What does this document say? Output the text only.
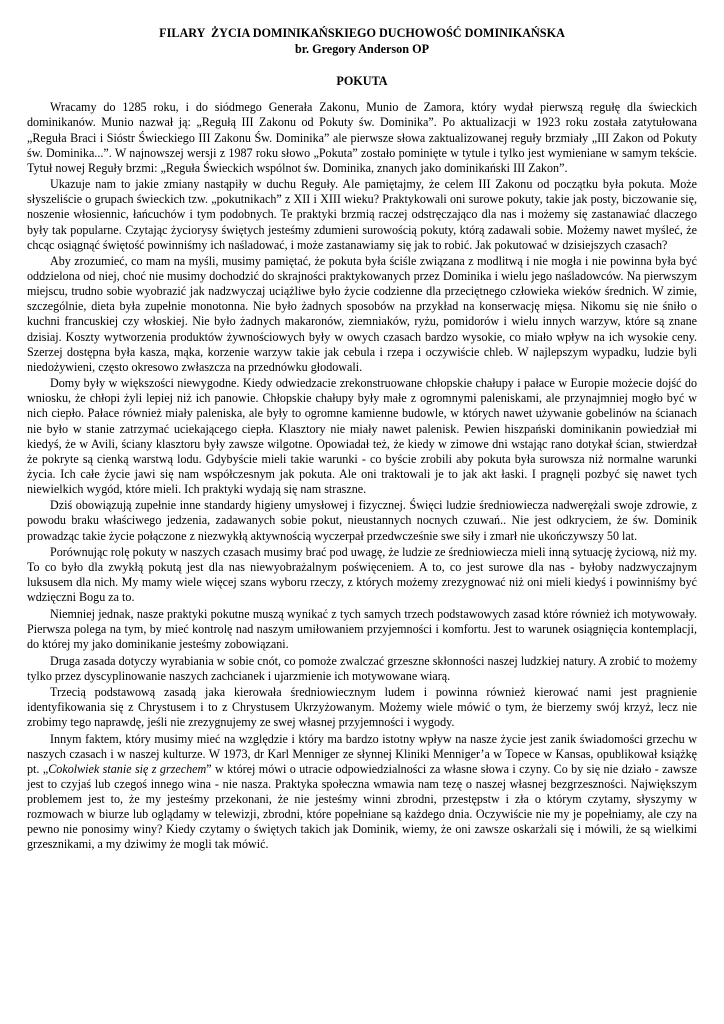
FILARY  ŻYCIA DOMINIKAŃSKIEGO DUCHOWOŚĆ DOMINIKAŃSKA
br. Gregory Anderson OP
POKUTA

Wracamy do 1285 roku, i do siódmego Generała Zakonu, Munio de Zamora, który wydał pierwszą regułę dla świeckich dominikanów. Munio nazwał ją: „Regułą III Zakonu od Pokuty św. Dominika”. Po aktualizacji w 1923 roku została zatytułowana „Reguła Braci i Sióstr Świeckiego III Zakonu Św. Dominika” ale pierwsze słowa zaktualizowanej reguły brzmiały „III Zakon od Pokuty św. Dominika...”. W najnowszej wersji z 1987 roku słowo „Pokuta” zostało pominięte w tytule i tylko jest wymieniane w samym tekście. Tytuł nowej Reguły brzmi: „Reguła Świeckich wspólnot św. Dominika, znanych jako dominikański III Zakon”.

Ukazuje nam to jakie zmiany nastąpiły w duchu Reguły. Ale pamiętajmy, że celem III Zakonu od początku była pokuta. Może słyszeliście o grupach świeckich tzw. „pokutnikach” z XII i XIII wieku? Praktykowali oni surowe pokuty, takie jak posty, biczowanie się, noszenie włosiennic, łańcuchów i tym podobnych. Te praktyki brzmią raczej odstręczająco dla nas i możemy się zastanawiać dlaczego były tak popularne. Czytając życiorysy świętych jesteśmy zdumieni surowością pokuty, którą zadawali sobie. Możemy nawet myśleć, że chcąc osiągnąć świętość powinniśmy ich naśladować, i może zastanawiamy się jak to robić. Jak pokutować w dzisiejszych czasach?

Aby zrozumieć, co mam na myśli, musimy pamiętać, że pokuta była ściśle związana z modlitwą i nie mogła i nie powinna była być oddzielona od niej, choć nie musimy dochodzić do skrajności praktykowanych przez Dominika i wielu jego naśladowców. Na pierwszym miejscu, trudno sobie wyobrazić jak nadzwyczaj uciążliwe było życie codzienne dla przeciętnego człowieka wieków średnich. W zimie, szczególnie, dieta była zupełnie monotonna. Nie było żadnych sposobów na przykład na konserwację mięsa. Nikomu się nie śniło o kuchni francuskiej czy włoskiej. Nie było żadnych makaronów, ziemniaków, ryżu, pomidorów i wielu innych warzyw, które są znane dzisiaj. Koszty wytworzenia produktów żywnościowych były w owych czasach bardzo wysokie, co miało wpływ na ich wysokie ceny. Szerzej dostępna była kasza, mąka, korzenie warzyw takie jak cebula i rzepa i oczywiście chleb. W najlepszym wypadku, ludzie byli niedożywieni, często okresowo zwłaszcza na przednówku głodowali.

Domy były w większości niewygodne. Kiedy odwiedzacie zrekonstruowane chłopskie chałupy i pałace w Europie możecie dojść do wniosku, że chłopi żyli lepiej niż ich panowie. Chłopskie chałupy były małe z ogromnymi paleniskami, ale przynajmniej mogło być w nich ciepło. Pałace również miały paleniska, ale były to ogromne kamienne budowle, w których nawet używanie gobelinów na ścianach nie było w stanie zatrzymać uciekającego ciepła. Klasztory nie miały nawet palenisk. Pewien hiszpański dominikanin powiedział mi kiedyś, że w Avili, ściany klasztoru były zawsze wilgotne. Opowiadał też, że kiedy w zimowe dni wstając rano dotykał ścian, stwierdzał że pokryte są cienką warstwą lodu. Gdybyście mieli takie warunki - co byście zrobili aby pokuta była surowsza niż normalne warunki życia. Ich całe życie jawi się nam współczesnym jak pokuta. Ale oni traktowali je to jak akt łaski. I pragnęli pozbyć się nawet tych niewielkich wygód, które mieli. Ich praktyki wydają się nam straszne.

Dziś obowiązują zupełnie inne standardy higieny umysłowej i fizycznej. Święci ludzie średniowiecza nadwerężali swoje zdrowie, z powodu braku właściwego jedzenia, zadawanych sobie pokut, nieustannych nocnych czuwań.. Nie jest odkryciem, że św. Dominik prowadząc takie życie połączone z niezwykłą aktywnością wyczerpał przedwcześnie swe siły i zmarł nie ukończywszy 50 lat.

Porównując rolę pokuty w naszych czasach musimy brać pod uwagę, że ludzie ze średniowiecza mieli inną sytuację życiową, niż my. To co było dla zwykłą pokutą jest dla nas niewyobrażalnym poświęceniem. A to, co jest surowe dla nas - byłoby nadzwyczajnym luksusem dla nich. My mamy wiele więcej szans wyboru rzeczy, z których możemy zrezygnować niż oni mieli kiedyś i powinniśmy być wdzięczni Bogu za to.

Niemniej jednak, nasze praktyki pokutne muszą wynikać z tych samych trzech podstawowych zasad które również ich motywowały. Pierwsza polega na tym, by mieć kontrolę nad naszym umiłowaniem przyjemności i komfortu. Jest to warunek osiągnięcia kontemplacji, do której my jako dominikanie jesteśmy zobowiązani.

Druga zasada dotyczy wyrabiania w sobie cnót, co pomoże zwalczać grzeszne skłonności naszej ludzkiej natury. A zrobić to możemy tylko przez dyscyplinowanie naszych zachcianek i ujarzmienie ich motywowane wiarą.

Trzecią podstawową zasadą jaka kierowała średniowiecznym ludem i powinna również kierować nami jest pragnienie identyfikowania się z Chrystusem i to z Chrystusem Ukrzyżowanym. Możemy wiele mówić o tym, że bierzemy swój krzyż, lecz nie zrobimy tego naprawdę, jeśli nie zrezygnujemy ze swej własnej przyjemności i wygody.

Innym faktem, który musimy mieć na względzie i który ma bardzo istotny wpływ na nasze życie jest zanik świadomości grzechu w naszych czasach i w naszej kulturze. W 1973, dr Karl Menniger ze słynnej Kliniki Menniger’a w Topece w Kansas, opublikował książkę pt. „Cokolwiek stanie się z grzechem” w której mówi o utracie odpowiedzialności za własne słowa i czyny. Co by się nie działo - zawsze jest to czyjaś lub czegoś innego wina - nie nasza. Praktyka społeczna wmawia nam tezę o naszej własnej bezgrzeszności. Największym problemem jest to, że my jesteśmy przekonani, że nie jesteśmy winni zbrodni, przestępstw i zła o którym czytamy, słyszymy w rozmowach w biurze lub oglądamy w telewizji, zbrodni, które popełniane są każdego dnia. Oczywiście nie my je popełniamy, ale czy na pewno nie ponosimy winy? Kiedy czytamy o świętych takich jak Dominik, wiemy, że oni zawsze oskarżali się i mówili, że są wielkimi grzesznikami, a my dziwimy że mogli tak mówić.
